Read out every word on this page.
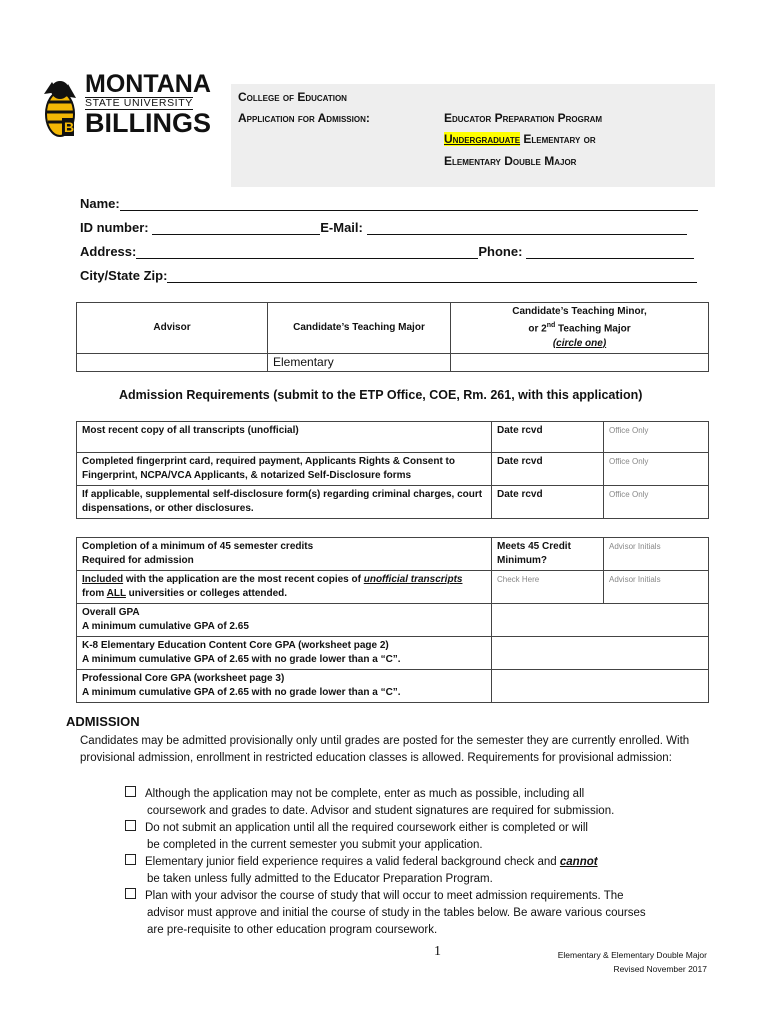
B
MONTANA
STATE UNIVERSITY
BILLINGS
College of Education
Application for Admission:	Educator Preparation Program
Undergraduate Elementary or
Elementary Double Major
Name:
ID number:	E-Mail:
Address:	Phone:
City/State Zip:
Advisor	Candidate’s Teaching Major	Candidate’s Teaching Minor,
or 2nd Teaching Major
(circle one)

	Elementary	
Admission Requirements (submit to the ETP Office, COE, Rm. 261, with this application)
Most recent copy of all transcripts (unofficial)	Date rcvd	Office Only
Completed fingerprint card, required payment, Applicants Rights & Consent to Fingerprint, NCPA/VCA Applicants, & notarized Self-Disclosure forms	Date rcvd	Office Only
If applicable, supplemental self-disclosure form(s) regarding criminal charges, court dispensations, or other disclosures.	Date rcvd	Office Only
Completion of a minimum of 45 semester credits
Required for admission	Meets 45 Credit Minimum?	Advisor Initials
Included with the application are the most recent copies of unofficial transcripts from ALL universities or colleges attended.	Check Here	Advisor Initials

Overall GPA
A minimum cumulative GPA of 2.65		

K-8 Elementary Education Content Core GPA (worksheet page 2)
A minimum cumulative GPA of 2.65 with no grade lower than a “C”.		

Professional Core GPA (worksheet page 3)
A minimum cumulative GPA of 2.65 with no grade lower than a “C”.		

ADMISSION
Candidates may be admitted provisionally only until grades are posted for the semester they are currently enrolled. With provisional admission, enrollment in restricted education classes is allowed. Requirements for provisional admission:
Although the application may not be complete, enter as much as possible, including all
coursework and grades to date. Advisor and student signatures are required for submission.
Do not submit an application until all the required coursework either is completed or will
be completed in the current semester you submit your application.
Elementary junior field experience requires a valid federal background check and cannot
be taken unless fully admitted to the Educator Preparation Program.
Plan with your advisor the course of study that will occur to meet admission requirements. The
advisor must approve and initial the course of study in the tables below. Be aware various courses
are pre-requisite to other education program coursework.
1	Elementary & Elementary Double Major
Revised November 2017
